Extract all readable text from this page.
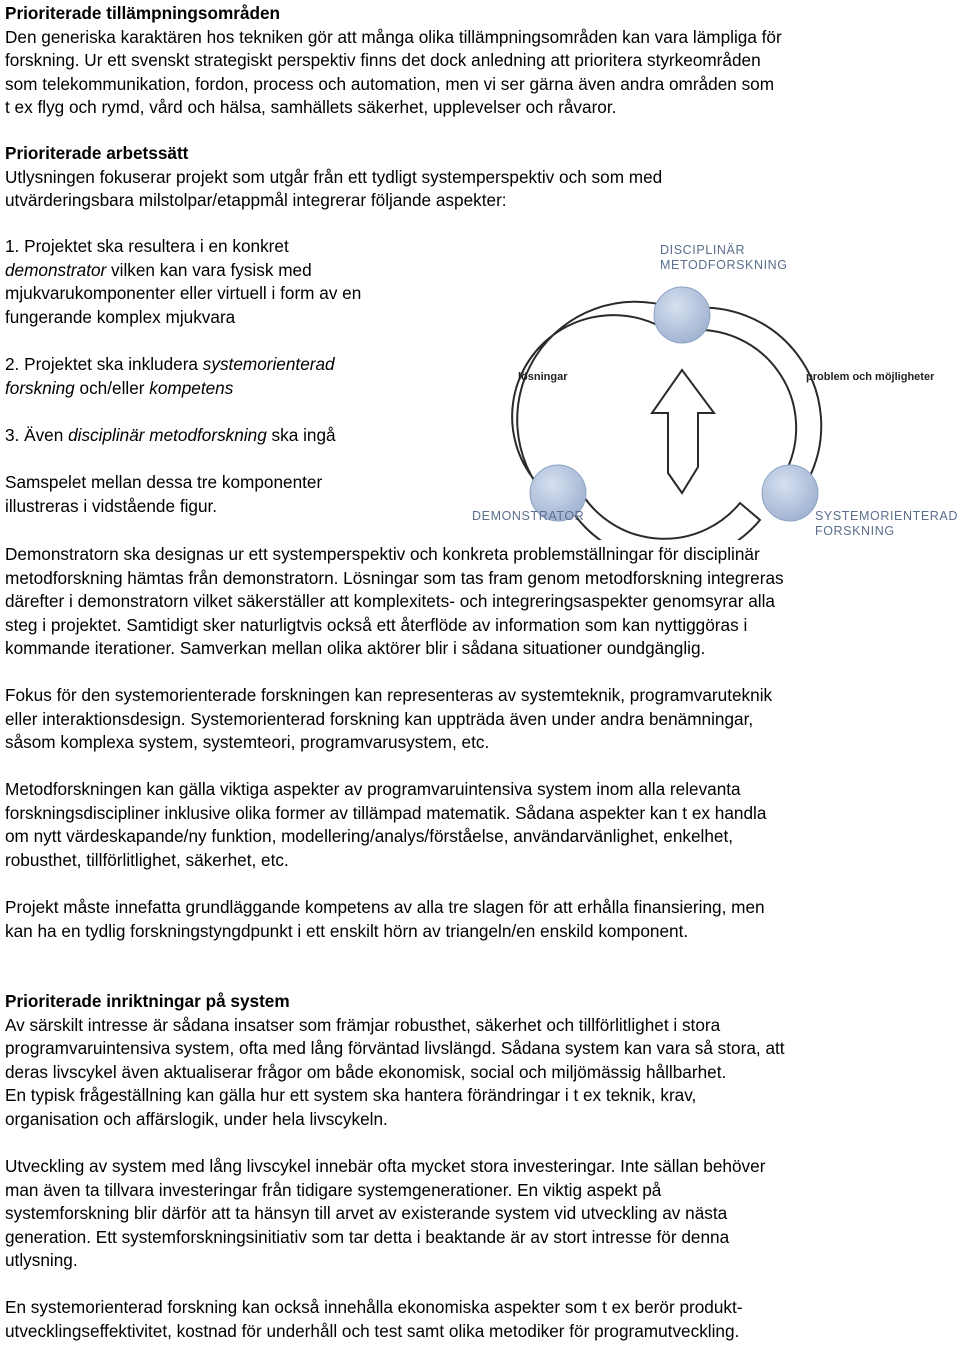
Prioriterade tillämpningsområden

Den generiska karaktären hos tekniken gör att många olika tillämpningsområden kan vara lämpliga för

forskning. Ur ett svenskt strategiskt perspektiv finns det dock anledning att prioritera styrkeområden

som telekommunikation, fordon, process och automation, men vi ser gärna även andra områden som

t ex flyg och rymd, vård och hälsa, samhällets säkerhet, upplevelser och råvaror.

Prioriterade arbetssätt

Utlysningen fokuserar projekt som utgår från ett tydligt systemperspektiv och som med

utvärderingsbara milstolpar/etappmål integrerar följande aspekter:

1. Projektet ska resultera i en konkret

demonstrator vilken kan vara fysisk med

mjukvarukomponenter eller virtuell i form av en

fungerande komplex mjukvara

2. Projektet ska inkludera systemorienterad

forskning och/eller kompetens

3. Även disciplinär metodforskning ska ingå

Samspelet mellan dessa tre komponenter

illustreras i vidstående figur.

DISCIPLINÄR
METODFORSKNING
lösningar	problem och möjligheter
DEMONSTRATOR	SYSTEMORIENTERAD
FORSKNING

Demonstratorn ska designas ur ett systemperspektiv och konkreta problemställningar för disciplinär

metodforskning hämtas från demonstratorn. Lösningar som tas fram genom metodforskning integreras

därefter i demonstratorn vilket säkerställer att komplexitets- och integreringsaspekter genomsyrar alla

steg i projektet. Samtidigt sker naturligtvis också ett återflöde av information som kan nyttiggöras i

kommande iterationer. Samverkan mellan olika aktörer blir i sådana situationer oundgänglig.

Fokus för den systemorienterade forskningen kan representeras av systemteknik, programvaruteknik

eller interaktionsdesign. Systemorienterad forskning kan uppträda även under andra benämningar,

såsom komplexa system, systemteori, programvarusystem, etc.

Metodforskningen kan gälla viktiga aspekter av programvaruintensiva system inom alla relevanta

forskningsdiscipliner inklusive olika former av tillämpad matematik. Sådana aspekter kan t ex handla

om nytt värdeskapande/ny funktion, modellering/analys/förståelse, användarvänlighet, enkelhet,

robusthet, tillförlitlighet, säkerhet, etc.

Projekt måste innefatta grundläggande kompetens av alla tre slagen för att erhålla finansiering, men

kan ha en tydlig forskningstyngdpunkt i ett enskilt hörn av triangeln/en enskild komponent.

Prioriterade inriktningar på system

Av särskilt intresse är sådana insatser som främjar robusthet, säkerhet och tillförlitlighet i stora

programvaruintensiva system, ofta med lång förväntad livslängd. Sådana system kan vara så stora, att

deras livscykel även aktualiserar frågor om både ekonomisk, social och miljömässig hållbarhet.

En typisk frågeställning kan gälla hur ett system ska hantera förändringar i t ex teknik, krav,

organisation och affärslogik, under hela livscykeln.

Utveckling av system med lång livscykel innebär ofta mycket stora investeringar. Inte sällan behöver

man även ta tillvara investeringar från tidigare systemgenerationer. En viktig aspekt på

systemforskning blir därför att ta hänsyn till arvet av existerande system vid utveckling av nästa

generation. Ett systemforskningsinitiativ som tar detta i beaktande är av stort intresse för denna

utlysning.

En systemorienterad forskning kan också innehålla ekonomiska aspekter som t ex berör produkt-

utvecklingseffektivitet, kostnad för underhåll och test samt olika metodiker för programutveckling.
